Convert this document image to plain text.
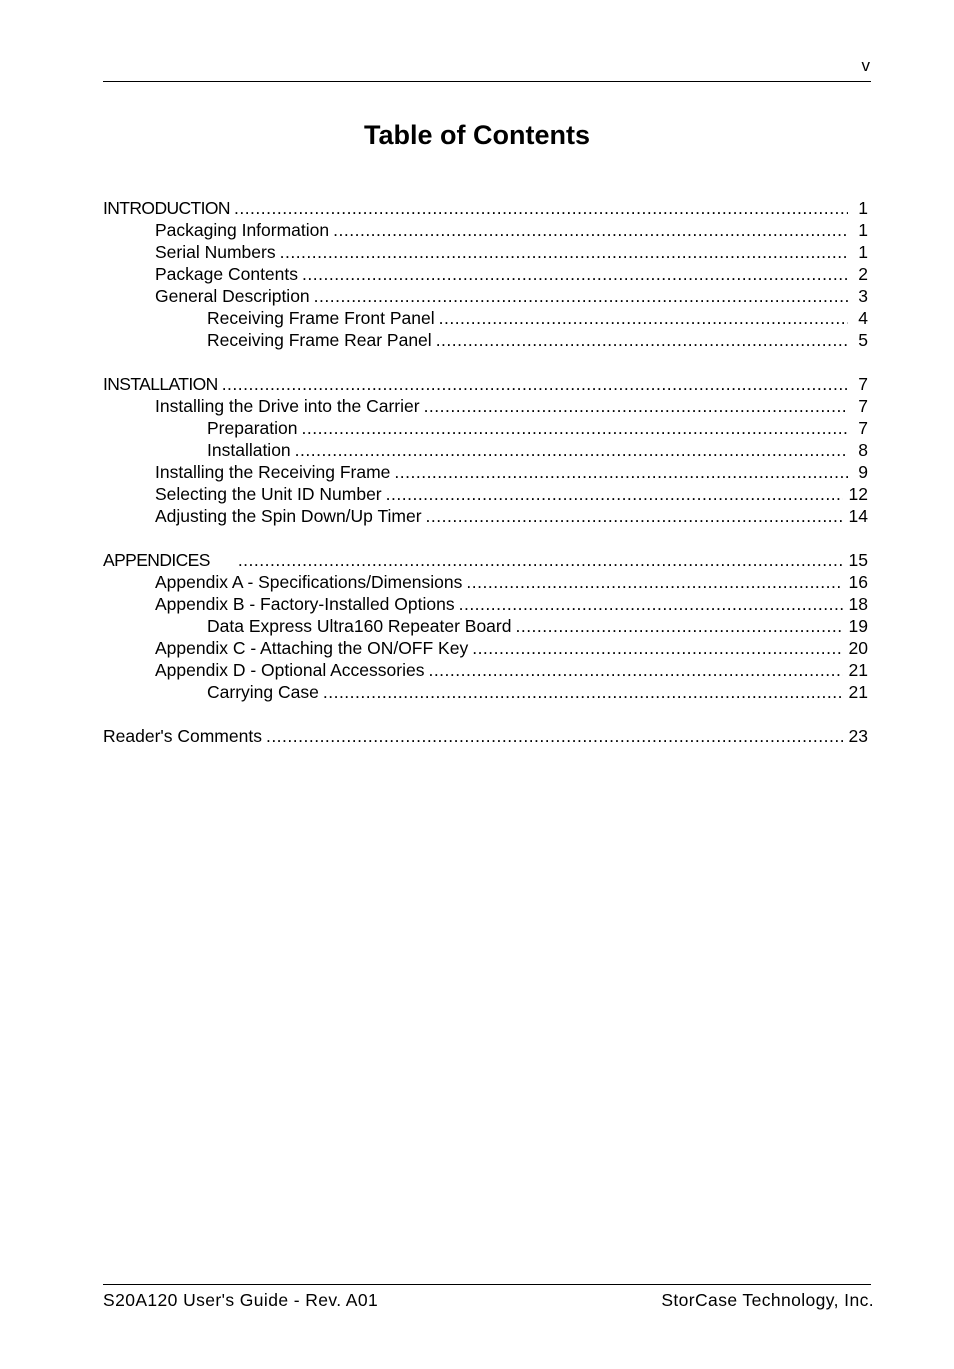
v
Table of Contents
INTRODUCTION .....	1
Packaging Information .....	1
Serial Numbers .....	1
Package Contents .....	2
General Description .....	3
Receiving Frame Front Panel .....	4
Receiving Frame Rear Panel .....	5
INSTALLATION .....	7
Installing the Drive into the Carrier .....	7
Preparation .....	7
Installation .....	8
Installing the Receiving Frame .....	9
Selecting the Unit ID Number .....	12
Adjusting the Spin Down/Up Timer .....	14
APPENDICES .....	15
Appendix A - Specifications/Dimensions .....	16
Appendix B - Factory-Installed Options .....	18
Data Express Ultra160 Repeater Board .....	19
Appendix C - Attaching the ON/OFF Key .....	20
Appendix D - Optional Accessories .....	21
Carrying Case .....	21
Reader's Comments .....	23
S20A120 User's Guide - Rev. A01	StorCase Technology, Inc.
